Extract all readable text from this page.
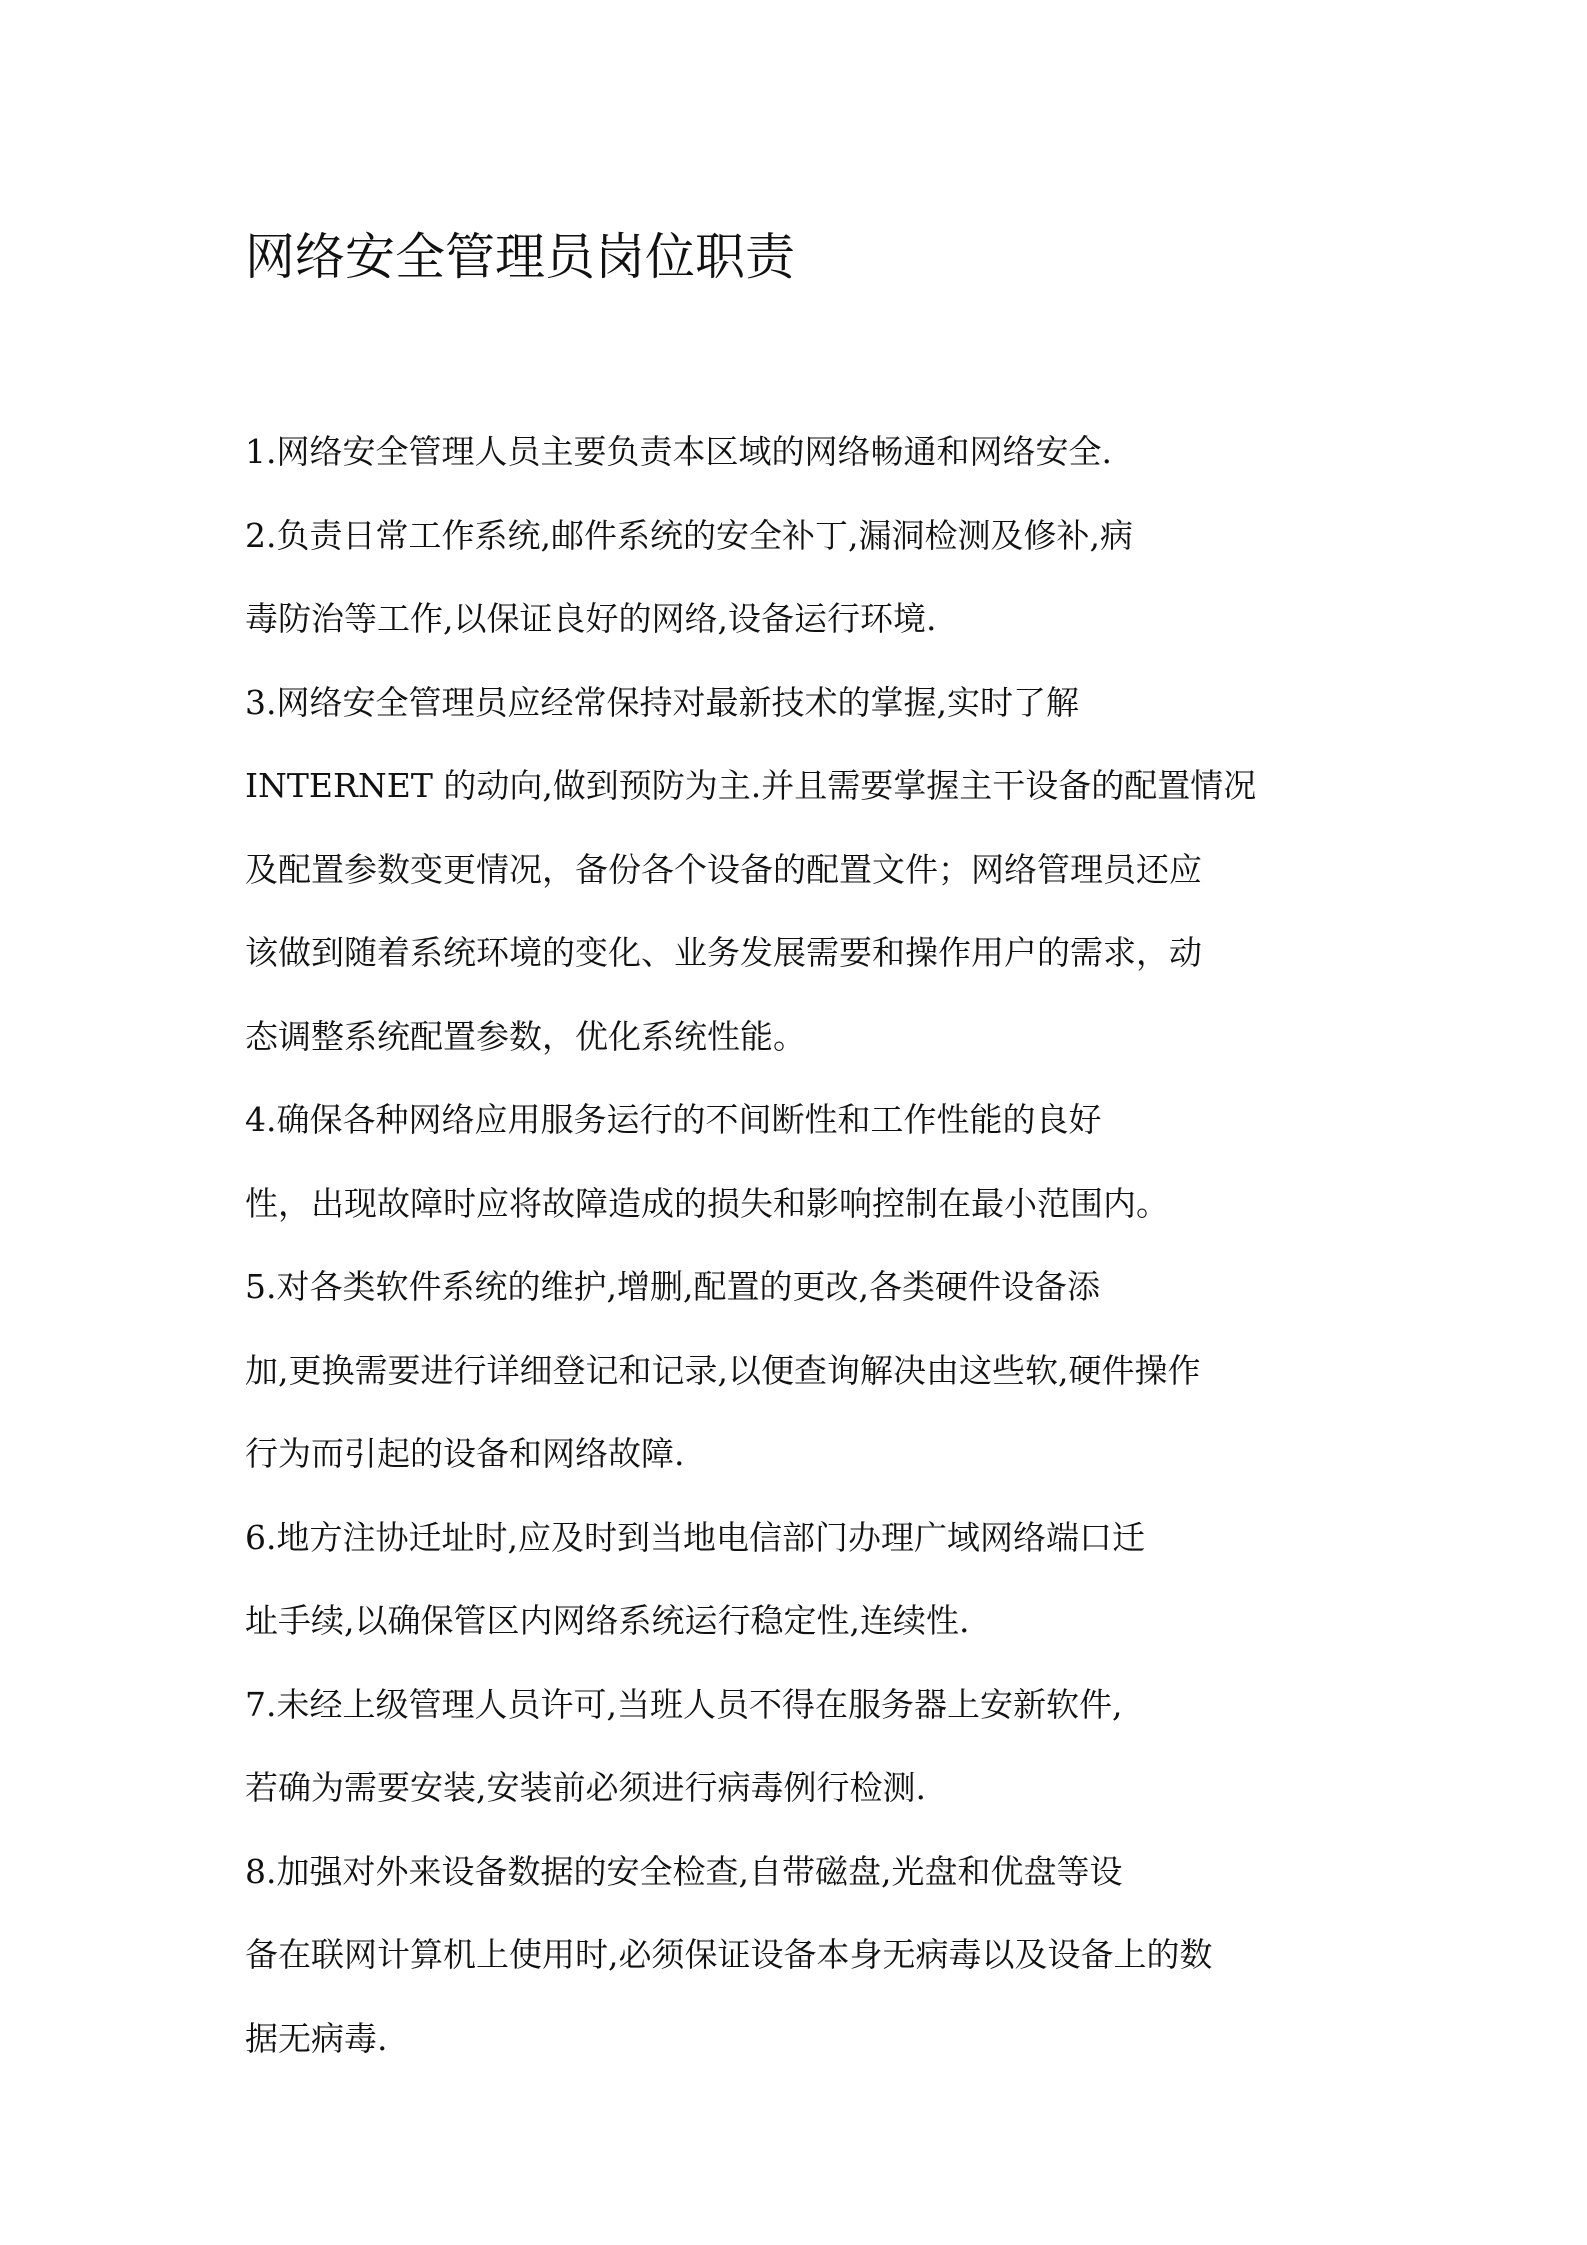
网络安全管理员岗位职责
1.网络安全管理人员主要负责本区域的网络畅通和网络安全.
2.负责日常工作系统,邮件系统的安全补丁,漏洞检测及修补,病
毒防治等工作,以保证良好的网络,设备运行环境.
3.网络安全管理员应经常保持对最新技术的掌握,实时了解
INTERNET 的动向,做到预防为主.并且需要掌握主干设备的配置情况
及配置参数变更情况，备份各个设备的配置文件；网络管理员还应
该做到随着系统环境的变化、业务发展需要和操作用户的需求，动
态调整系统配置参数，优化系统性能。
4.确保各种网络应用服务运行的不间断性和工作性能的良好
性，出现故障时应将故障造成的损失和影响控制在最小范围内。
5.对各类软件系统的维护,增删,配置的更改,各类硬件设备添
加,更换需要进行详细登记和记录,以便查询解决由这些软,硬件操作
行为而引起的设备和网络故障.
6.地方注协迁址时,应及时到当地电信部门办理广域网络端口迁
址手续,以确保管区内网络系统运行稳定性,连续性.
7.未经上级管理人员许可,当班人员不得在服务器上安新软件,
若确为需要安装,安装前必须进行病毒例行检测.
8.加强对外来设备数据的安全检查,自带磁盘,光盘和优盘等设
备在联网计算机上使用时,必须保证设备本身无病毒以及设备上的数
据无病毒.
